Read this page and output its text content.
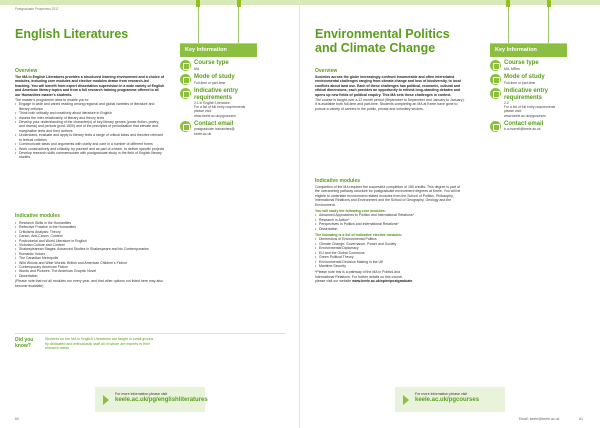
Postgraduate Prospectus 2017
English Literatures
Overview
The MA in English Literatures provides a structured learning environment and a choice of modules, including core modules and elective modules drawn from research-led teaching. You will benefit from expert dissertation supervision in a wide variety of English and American literary topics and from a full research training programme offered to all our Humanities master's students.
The master's programme aims to enable you to:
• Engage in wide and varied reading among regional and global varieties of literature and literary criticism
• Think both critically and creatively about literature in English
• Assess the inter-relationship of literary and theory texts
• Develop your understanding of the character(s) of key literary genres (prose fiction, poetry, and drama) and periods (post-1500) and of the principles of periodisation that elevate and marginalise texts and their authors
• Understand, evaluate and apply to literary texts a range of critical ideas and theories relevant to textual criticism
• Communicate ideas and arguments with clarity and care in a number of different forms
• Work constructively and critically, by yourself and as part of a team, to deliver specific projects
• Develop research skills commensurate with postgraduate study in the field of English literary studies
Indicative modules
• Research Skills in the Humanities
• Reflective Practice in the Humanities
• Criticisms Analysis: Theory
• Canon, Anti-Canon, Context
• Postcolonial and World Literature in English
• Victorian Culture and Context
• Shakespearean Stages: Advanced Studies in Shakespeare and his Contemporaries
• Romantic Voices
• The Canadian Metropolis
• Wild Woods and Wide Worlds: British and American Children's Fiction
• Contemporary American Fiction
• Words and Pictures: The American Graphic Novel
• Dissertation
(Please note that not all modules run every year, and that other options not listed here may also become available)
Key Information
Course type
MA
Mode of study
Full-time or part-time
Indicative entry requirements
2:1 in English Literature.
For a list of full entry requirements please visit:
www.keele.ac.uk/pgcourses
Contact email
postgraduate.humanities@
keele.ac.uk
Did you know?
Students on the MA in English Literatures are taught in small groups by dedicated and enthusiastic staff all of whom are experts in their research areas.
For more information please visit
keele.ac.uk/pg/englishliteratures
60
Environmental Politics
and Climate Change
Overview
Societies across the globe increasingly confront innumerable and often interrelated environmental challenges ranging from climate change and loss of biodiversity, to local conflicts about land use. Each of these challenges has political, economic, cultural and ethical dimensions; each provides an opportunity to rethink long-standing debates and opens up new fields of political enquiry. This MA sets these challenges in context.
The course is taught over a 12 month period (September to September and January to January). It is available both full-time and part-time. Students completing an MA at Keele have gone to pursue a variety of careers in the public, private and voluntary sectors.
Indicative modules
Completion of the MA requires the successful completion of 180 credits. This degree is part of the overarching pathway structure for postgraduate environment degrees at Keele. You will be eligible to undertake environment related modules from the School of Politics, Philosophy, International Relations and Environment and the School of Geography, Geology and the Environment.
You will study the following core modules:
• Advanced Approaches to Politics and International Relations*
• Research in Action*
• Perspectives in Politics and International Relations*
• Dissertation
The following is a list of indicative elective modules:
• Dimensions of Environmental Politics
• Climate Change: Governance, Power and Society
• Environmental Diplomacy
• EU and the Global Commons
• Green Political Theory
• Environmental Decision Making in the UK
• Maritime Security
*Please note this is a pathway of the MA in Politics and
International Relations. For further details on this course,
please visit our website www.keele.ac.uk/spire/postgraduate
Key Information
Course type
MA, MRes
Mode of study
Full-time or part-time
Indicative entry requirements
2:2
For a list of full entry requirements please visit:
www.keele.ac.uk/pgcourses
Contact email
b.a.morrell@keele.ac.uk
For more information please visit
keele.ac.uk/pgcourses
Email: keele@keele.ac.uk	61
